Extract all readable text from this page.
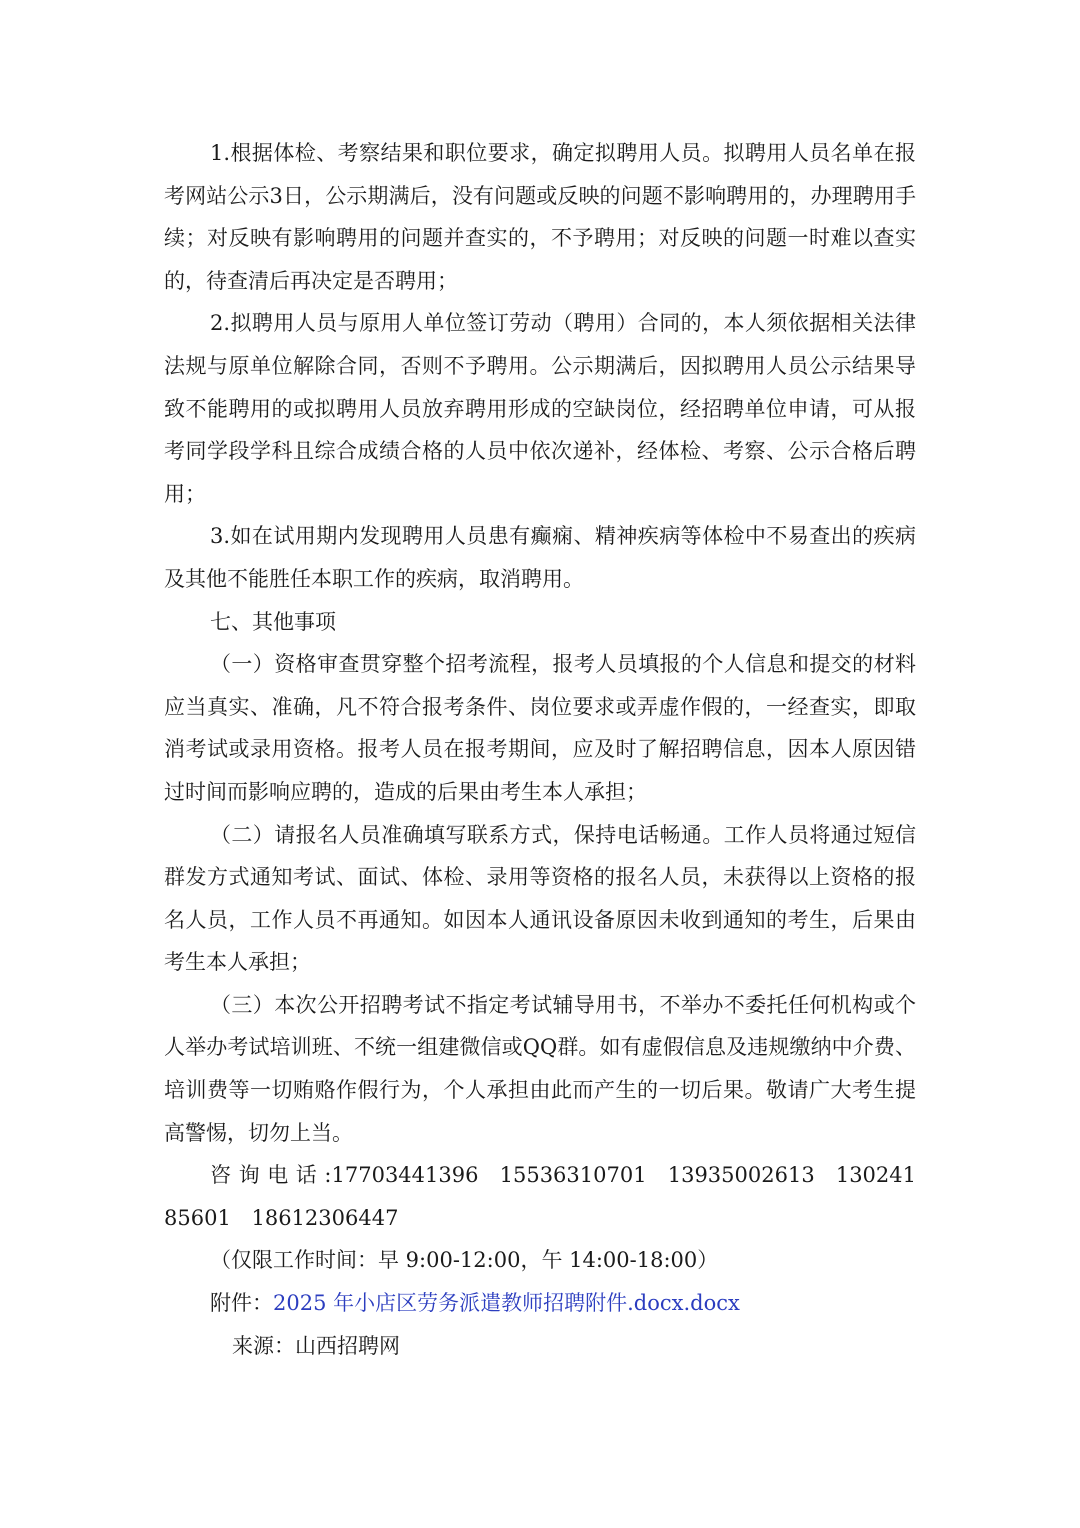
1.根据体检、考察结果和职位要求，确定拟聘用人员。拟聘用人员名单在报考网站公示3日，公示期满后，没有问题或反映的问题不影响聘用的，办理聘用手续；对反映有影响聘用的问题并查实的，不予聘用；对反映的问题一时难以查实的，待查清后再决定是否聘用；

2.拟聘用人员与原用人单位签订劳动（聘用）合同的，本人须依据相关法律法规与原单位解除合同，否则不予聘用。公示期满后，因拟聘用人员公示结果导致不能聘用的或拟聘用人员放弃聘用形成的空缺岗位，经招聘单位申请，可从报考同学段学科且综合成绩合格的人员中依次递补，经体检、考察、公示合格后聘用；

3.如在试用期内发现聘用人员患有癫痫、精神疾病等体检中不易查出的疾病及其他不能胜任本职工作的疾病，取消聘用。

七、其他事项

（一）资格审查贯穿整个招考流程，报考人员填报的个人信息和提交的材料应当真实、准确，凡不符合报考条件、岗位要求或弄虚作假的，一经查实，即取消考试或录用资格。报考人员在报考期间，应及时了解招聘信息，因本人原因错过时间而影响应聘的，造成的后果由考生本人承担；

（二）请报名人员准确填写联系方式，保持电话畅通。工作人员将通过短信群发方式通知考试、面试、体检、录用等资格的报名人员，未获得以上资格的报名人员，工作人员不再通知。如因本人通讯设备原因未收到通知的考生，后果由考生本人承担；

（三）本次公开招聘考试不指定考试辅导用书，不举办不委托任何机构或个人举办考试培训班、不统一组建微信或QQ群。如有虚假信息及违规缴纳中介费、培训费等一切贿赂作假行为，个人承担由此而产生的一切后果。敬请广大考生提高警惕，切勿上当。

咨 询 电 话 :17703441396 15536310701 13935002613 13024185601 18612306447

（仅限工作时间：早 9:00-12:00，午 14:00-18:00）

附件：2025 年小店区劳务派遣教师招聘附件.docx.docx

来源：山西招聘网
